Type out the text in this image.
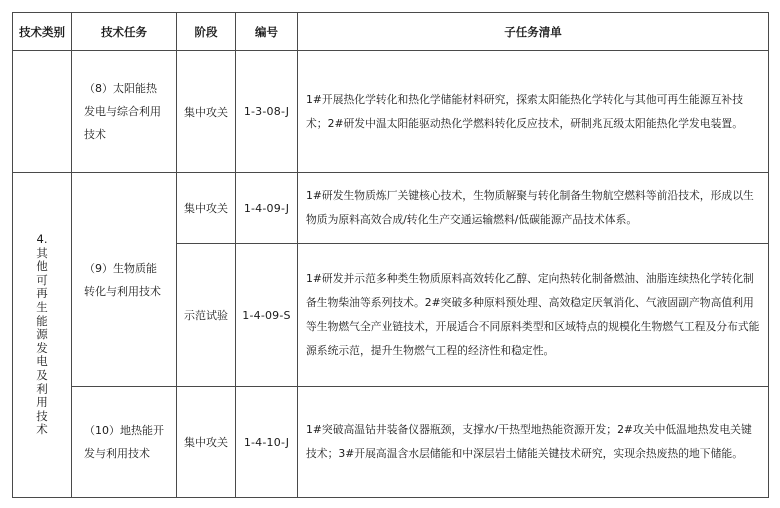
技术类别	技术任务	阶段	编号	子任务清单
	（8）太阳能热发电与综合利用技术	集中攻关	1-3-08-J	1#开展热化学转化和热化学储能材料研究，探索太阳能热化学转化与其他可再生能源互补技术；2#研发中温太阳能驱动热化学燃料转化反应技术，研制兆瓦级太阳能热化学发电装置。
4.其他可再生能源发电及利用技术	（9）生物质能转化与利用技术	集中攻关	1-4-09-J	1#研发生物质炼厂关键核心技术，生物质解聚与转化制备生物航空燃料等前沿技术，形成以生物质为原料高效合成/转化生产交通运输燃料/低碳能源产品技术体系。
		示范试验	1-4-09-S	1#研发并示范多种类生物质原料高效转化乙醇、定向热转化制备燃油、油脂连续热化学转化制备生物柴油等系列技术。2#突破多种原料预处理、高效稳定厌氧消化、气液固副产物高值利用等生物燃气全产业链技术，开展适合不同原料类型和区域特点的规模化生物燃气工程及分布式能源系统示范，提升生物燃气工程的经济性和稳定性。
	（10）地热能开发与利用技术	集中攻关	1-4-10-J	1#突破高温钻井装备仪器瓶颈，支撑水/干热型地热能资源开发；2#攻关中低温地热发电关键技术；3#开展高温含水层储能和中深层岩土储能关键技术研究，实现余热废热的地下储能。
